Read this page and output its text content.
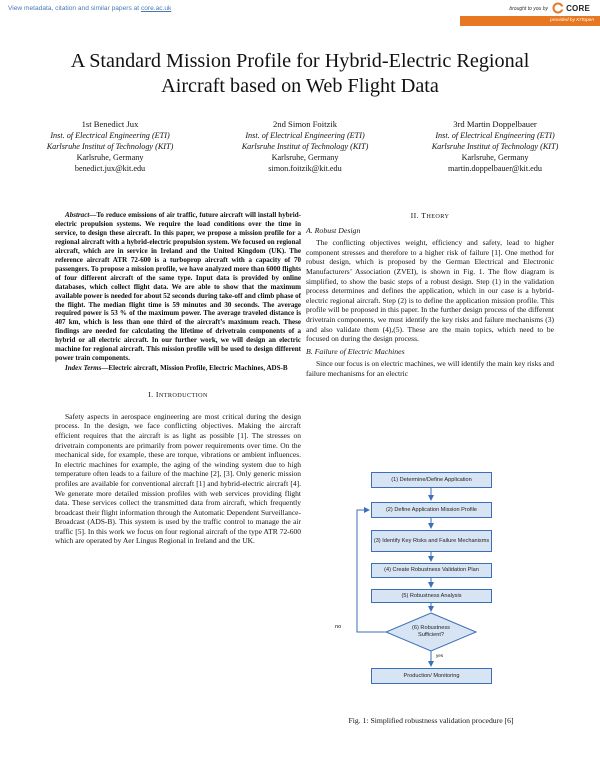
View metadata, citation and similar papers at core.ac.uk	brought to you by CORE
provided by KITopen
A Standard Mission Profile for Hybrid-Electric Regional Aircraft based on Web Flight Data
1st Benedict Jux
Inst. of Electrical Engineering (ETI)
Karlsruhe Institut of Technology (KIT)
Karlsruhe, Germany
benedict.jux@kit.edu
2nd Simon Foitzik
Inst. of Electrical Engineering (ETI)
Karlsruhe Institut of Technology (KIT)
Karlsruhe, Germany
simon.foitzik@kit.edu
3rd Martin Doppelbauer
Inst. of Electrical Engineering (ETI)
Karlsruhe Institut of Technology (KIT)
Karlsruhe, Germany
martin.doppelbauer@kit.edu

Abstract—To reduce emissions of air traffic, future aircraft will install hybrid-electric propulsion systems. We require the load conditions over the time in service, to design these aircraft. In this paper, we propose a mission profile for a regional aircraft with a hybrid-electric propulsion system. We focused on regional aircraft, which are in service in Ireland and the United Kingdom (UK). The reference aircraft ATR 72-600 is a turboprop aircraft with a capacity of 70 passengers. To propose a mission profile, we have analyzed more than 6000 flights of four different aircraft of the same type. Input data is provided by online databases, which collect flight data. We are able to show that the maximum available power is needed for about 52 seconds during take-off and climb phase of the flight. The median flight time is 59 minutes and 30 seconds. The average required power is 53 % of the maximum power. The average traveled distance is 407 km, which is less than one third of the aircraft’s maximum reach. These findings are needed for calculating the lifetime of drivetrain components of a hybrid or all electric aircraft. In our further work, we will design an electric machine for regional aircraft. This mission profile will be used to design different power train components.

Index Terms—Electric aircraft, Mission Profile, Electric Machines, ADS-B

I. INTRODUCTION

Safety aspects in aerospace engineering are most critical during the design process. In the design, we face conflicting objectives. Making the aircraft efficient requires that the aircraft is as light as possible [1]. The stresses on drivetrain components are primarily from power requirements over time. On the mechanical side, for example, these are torque, vibrations or ambient influences. In electric machines for example, the aging of the winding system due to high temperature often leads to a failure of the machine [2], [3]. Only generic mission profiles are available for conventional aircraft [1] and hybrid-electric aircraft [4]. We generate more detailed mission profiles with web services providing flight data. These services collect the transmitted data from aircraft, which frequently broadcast their flight information through the Automatic Dependent Surveillance-Broadcast (ADS-B). This system is used by the traffic control to manage the air traffic [5]. In this work we focus on four regional aircraft of the type ATR 72-600 which are operated by Aer Lingus Regional in Ireland and the UK.

II. THEORY

A. Robust Design

The conflicting objectives weight, efficiency and safety, lead to higher component stresses and therefore to a higher risk of failure [1]. One method for robust design, which is proposed by the German Electrical and Electronic Manufacturers’ Association (ZVEI), is shown in Fig. 1. The flow diagram is simplified, to show the basic steps of a robust design. Step (1) in the validation process determines and defines the application, which in our case is a hybrid-electric regional aircraft. Step (2) is to define the application mission profile. This profile will be proposed in this paper. In the further design process of the different drivetrain components, we must identify the key risks and failure mechanisms (3) and also validate them (4),(5). These are the main topics, which need to be focused on during the design process.

B. Failure of Electric Machines

Since our focus is on electric machines, we will identify the main key risks and failure mechanisms for an electric

(1) Determine/Define Application
(2) Define Application Mission Profile
(3) Identify Key Risks and Failure Mechanisms
(4) Create Robustness Validation Plan
(5) Robustness Analysis
(6) Robustness Sufficient?
no
yes
Production/ Monitoring
Fig. 1: Simplified robustness validation procedure [6]
